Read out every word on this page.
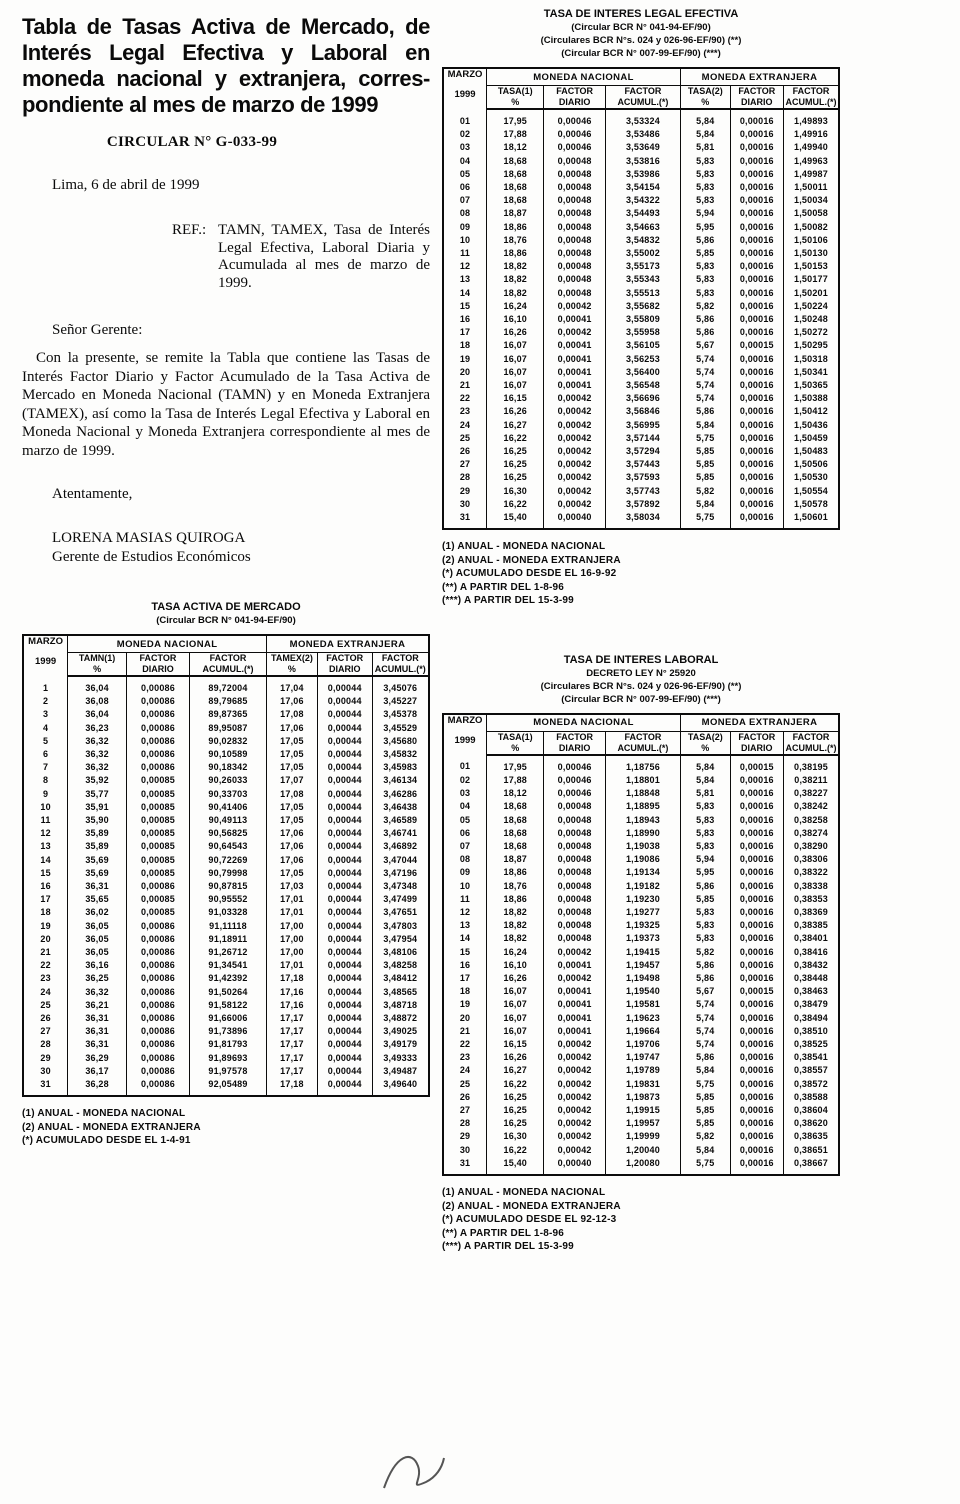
Tabla de Tasas Activa de Mercado, de
Interés Legal Efectiva y Laboral en
moneda nacional y extranjera, corres-
pondiente al mes de marzo de 1999
CIRCULAR N° G-033-99
Lima, 6 de abril de 1999
REF.: TAMN, TAMEX, Tasa de Interés Legal Efectiva, Laboral Diaria y Acumulada al mes de marzo de 1999.
Señor Gerente:

Con la presente, se remite la Tabla que contiene las Tasas de Interés Factor Diario y Factor Acumulado de la Tasa Activa de Mercado en Moneda Nacional (TAMN) y en Moneda Extranjera (TAMEX), así como la Tasa de Interés Legal Efectiva y Laboral en Moneda Nacional y Moneda Extranjera correspondiente al mes de marzo de 1999.

Atentamente,
LORENA MASIAS QUIROGA
Gerente de Estudios Económicos
TASA ACTIVA DE MERCADO
(Circular BCR N° 041-94-EF/90)
MARZO
1999	MONEDA NACIONAL			MONEDA EXTRANJERA		

TAMN(1)
%

FACTOR
DIARIO

FACTOR
ACUMUL.(*)

TAMEX(2)
%

FACTOR
DIARIO

FACTOR
ACUMUL.(*)

1	36,04	0,00086	89,72004	17,04	0,00044	3,45076
2	36,08	0,00086	89,79685	17,06	0,00044	3,45227
3	36,04	0,00086	89,87365	17,08	0,00044	3,45378
4	36,23	0,00086	89,95087	17,06	0,00044	3,45529
5	36,32	0,00086	90,02832	17,05	0,00044	3,45680
6	36,32	0,00086	90,10589	17,05	0,00044	3,45832
7	36,32	0,00086	90,18342	17,05	0,00044	3,45983
8	35,92	0,00085	90,26033	17,07	0,00044	3,46134
9	35,77	0,00085	90,33703	17,08	0,00044	3,46286
10	35,91	0,00085	90,41406	17,05	0,00044	3,46438
11	35,90	0,00085	90,49113	17,05	0,00044	3,46589
12	35,89	0,00085	90,56825	17,06	0,00044	3,46741
13	35,89	0,00085	90,64543	17,06	0,00044	3,46892
14	35,69	0,00085	90,72269	17,06	0,00044	3,47044
15	35,69	0,00085	90,79998	17,05	0,00044	3,47196
16	36,31	0,00086	90,87815	17,03	0,00044	3,47348
17	35,65	0,00085	90,95552	17,01	0,00044	3,47499
18	36,02	0,00085	91,03328	17,01	0,00044	3,47651
19	36,05	0,00086	91,11118	17,00	0,00044	3,47803
20	36,05	0,00086	91,18911	17,00	0,00044	3,47954
21	36,05	0,00086	91,26712	17,00	0,00044	3,48106
22	36,16	0,00086	91,34541	17,01	0,00044	3,48258
23	36,25	0,00086	91,42392	17,18	0,00044	3,48412
24	36,32	0,00086	91,50264	17,16	0,00044	3,48565
25	36,21	0,00086	91,58122	17,16	0,00044	3,48718
26	36,31	0,00086	91,66006	17,17	0,00044	3,48872
27	36,31	0,00086	91,73896	17,17	0,00044	3,49025
28	36,31	0,00086	91,81793	17,17	0,00044	3,49179
29	36,29	0,00086	91,89693	17,17	0,00044	3,49333
30	36,17	0,00086	91,97578	17,17	0,00044	3,49487
31	36,28	0,00086	92,05489	17,18	0,00044	3,49640
(1) ANUAL - MONEDA NACIONAL
(2) ANUAL - MONEDA EXTRANJERA
(*) ACUMULADO DESDE EL 1-4-91
TASA DE INTERES LEGAL EFECTIVA
(Circular BCR N° 041-94-EF/90)
(Circulares BCR N°s. 024 y 026-96-EF/90) (**)
(Circular BCR N° 007-99-EF/90) (***)
MARZO
1999	MONEDA NACIONAL			MONEDA EXTRANJERA		

TASA(1)
%

FACTOR
DIARIO

FACTOR
ACUMUL.(*)

TASA(2)
%

FACTOR
DIARIO

FACTOR
ACUMUL.(*)

01	17,95	0,00046	3,53324	5,84	0,00016	1,49893
02	17,88	0,00046	3,53486	5,84	0,00016	1,49916
03	18,12	0,00046	3,53649	5,81	0,00016	1,49940
04	18,68	0,00048	3,53816	5,83	0,00016	1,49963
05	18,68	0,00048	3,53986	5,83	0,00016	1,49987
06	18,68	0,00048	3,54154	5,83	0,00016	1,50011
07	18,68	0,00048	3,54322	5,83	0,00016	1,50034
08	18,87	0,00048	3,54493	5,94	0,00016	1,50058
09	18,86	0,00048	3,54663	5,95	0,00016	1,50082
10	18,76	0,00048	3,54832	5,86	0,00016	1,50106
11	18,86	0,00048	3,55002	5,85	0,00016	1,50130
12	18,82	0,00048	3,55173	5,83	0,00016	1,50153
13	18,82	0,00048	3,55343	5,83	0,00016	1,50177
14	18,82	0,00048	3,55513	5,83	0,00016	1,50201
15	16,24	0,00042	3,55682	5,82	0,00016	1,50224
16	16,10	0,00041	3,55809	5,86	0,00016	1,50248
17	16,26	0,00042	3,55958	5,86	0,00016	1,50272
18	16,07	0,00041	3,56105	5,67	0,00015	1,50295
19	16,07	0,00041	3,56253	5,74	0,00016	1,50318
20	16,07	0,00041	3,56400	5,74	0,00016	1,50341
21	16,07	0,00041	3,56548	5,74	0,00016	1,50365
22	16,15	0,00042	3,56696	5,74	0,00016	1,50388
23	16,26	0,00042	3,56846	5,86	0,00016	1,50412
24	16,27	0,00042	3,56995	5,84	0,00016	1,50436
25	16,22	0,00042	3,57144	5,75	0,00016	1,50459
26	16,25	0,00042	3,57294	5,85	0,00016	1,50483
27	16,25	0,00042	3,57443	5,85	0,00016	1,50506
28	16,25	0,00042	3,57593	5,85	0,00016	1,50530
29	16,30	0,00042	3,57743	5,82	0,00016	1,50554
30	16,22	0,00042	3,57892	5,84	0,00016	1,50578
31	15,40	0,00040	3,58034	5,75	0,00016	1,50601
(1) ANUAL - MONEDA NACIONAL
(2) ANUAL - MONEDA EXTRANJERA
(*) ACUMULADO DESDE EL 16-9-92
(**) A PARTIR DEL 1-8-96
(***) A PARTIR DEL 15-3-99
TASA DE INTERES LABORAL
DECRETO LEY N° 25920
(Circulares BCR N°s. 024 y 026-96-EF/90) (**)
(Circular BCR N° 007-99-EF/90) (***)
MARZO
1999	MONEDA NACIONAL			MONEDA EXTRANJERA		

TASA(1)
%

FACTOR
DIARIO

FACTOR
ACUMUL.(*)

TASA(2)
%

FACTOR
DIARIO

FACTOR
ACUMUL.(*)

01	17,95	0,00046	1,18756	5,84	0,00015	0,38195
02	17,88	0,00046	1,18801	5,84	0,00016	0,38211
03	18,12	0,00046	1,18848	5,81	0,00016	0,38227
04	18,68	0,00048	1,18895	5,83	0,00016	0,38242
05	18,68	0,00048	1,18943	5,83	0,00016	0,38258
06	18,68	0,00048	1,18990	5,83	0,00016	0,38274
07	18,68	0,00048	1,19038	5,83	0,00016	0,38290
08	18,87	0,00048	1,19086	5,94	0,00016	0,38306
09	18,86	0,00048	1,19134	5,95	0,00016	0,38322
10	18,76	0,00048	1,19182	5,86	0,00016	0,38338
11	18,86	0,00048	1,19230	5,85	0,00016	0,38353
12	18,82	0,00048	1,19277	5,83	0,00016	0,38369
13	18,82	0,00048	1,19325	5,83	0,00016	0,38385
14	18,82	0,00048	1,19373	5,83	0,00016	0,38401
15	16,24	0,00042	1,19415	5,82	0,00016	0,38416
16	16,10	0,00041	1,19457	5,86	0,00016	0,38432
17	16,26	0,00042	1,19498	5,86	0,00016	0,38448
18	16,07	0,00041	1,19540	5,67	0,00015	0,38463
19	16,07	0,00041	1,19581	5,74	0,00016	0,38479
20	16,07	0,00041	1,19623	5,74	0,00016	0,38494
21	16,07	0,00041	1,19664	5,74	0,00016	0,38510
22	16,15	0,00042	1,19706	5,74	0,00016	0,38525
23	16,26	0,00042	1,19747	5,86	0,00016	0,38541
24	16,27	0,00042	1,19789	5,84	0,00016	0,38557
25	16,22	0,00042	1,19831	5,75	0,00016	0,38572
26	16,25	0,00042	1,19873	5,85	0,00016	0,38588
27	16,25	0,00042	1,19915	5,85	0,00016	0,38604
28	16,25	0,00042	1,19957	5,85	0,00016	0,38620
29	16,30	0,00042	1,19999	5,82	0,00016	0,38635
30	16,22	0,00042	1,20040	5,84	0,00016	0,38651
31	15,40	0,00040	1,20080	5,75	0,00016	0,38667
(1) ANUAL - MONEDA NACIONAL
(2) ANUAL - MONEDA EXTRANJERA
(*) ACUMULADO DESDE EL 92-12-3
(**) A PARTIR DEL 1-8-96
(***) A PARTIR DEL 15-3-99
